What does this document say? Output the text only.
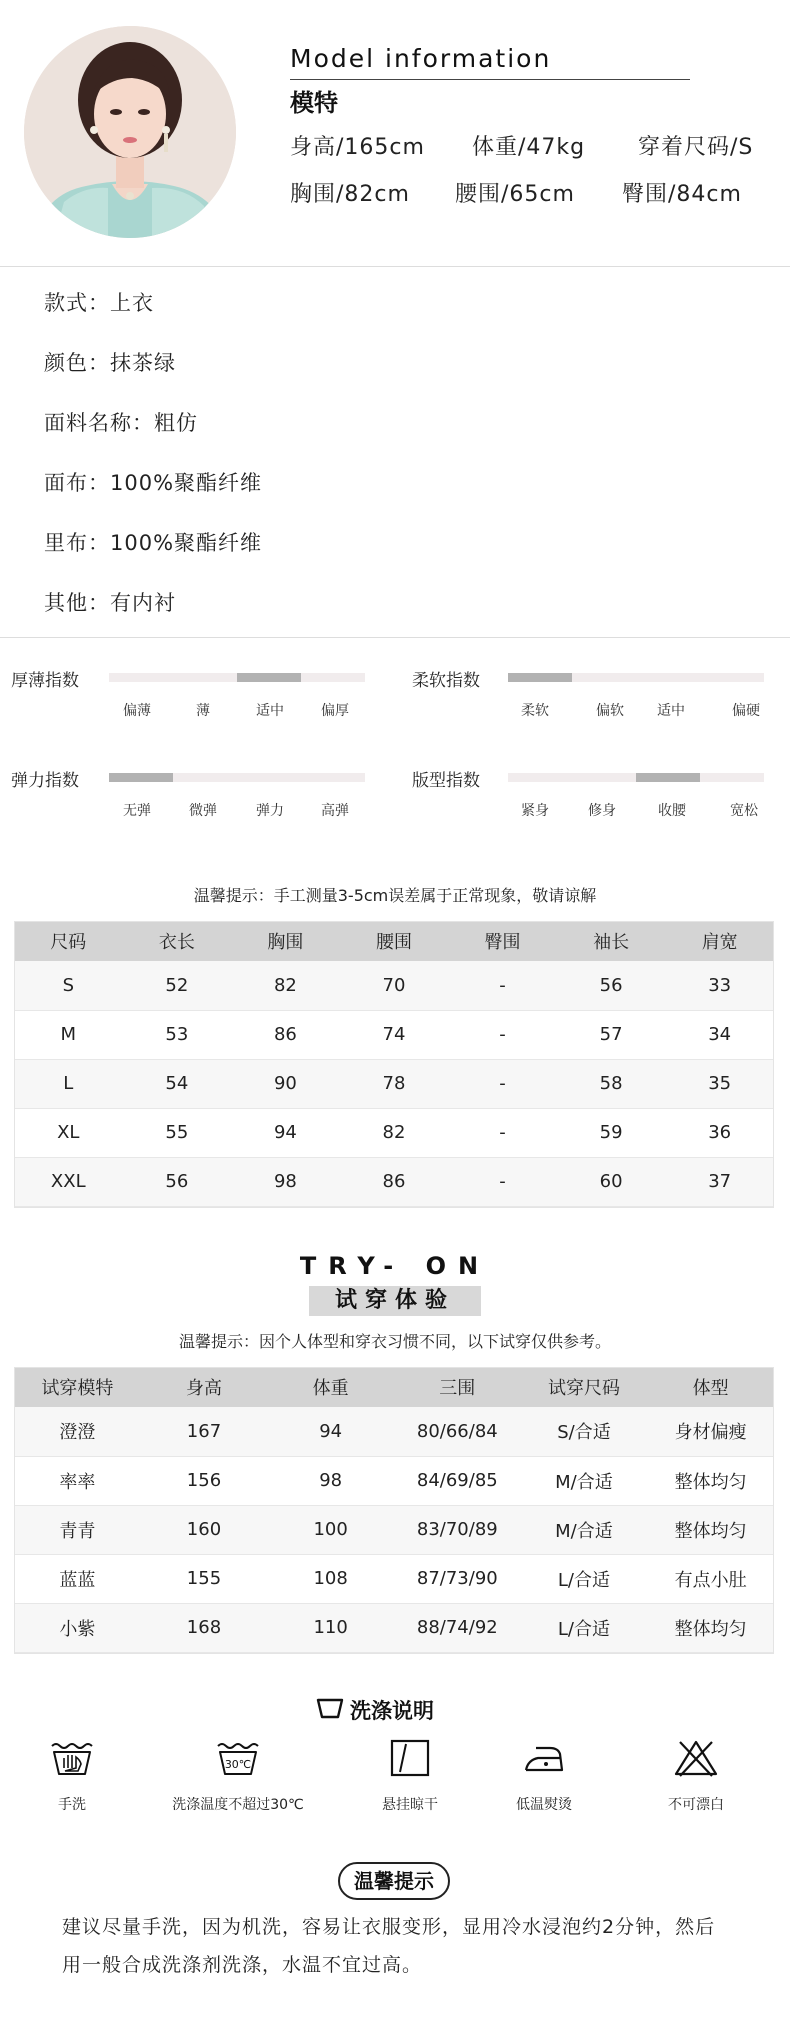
Model information
模特
身高/165cm 体重/47kg 穿着尺码/S
胸围/82cm 腰围/65cm 臀围/84cm
款式：上衣
颜色：抹茶绿
面料名称：粗仿
面布：100%聚酯纤维
里布：100%聚酯纤维
其他：有内衬
厚薄指数
偏薄	薄	适中	偏厚
柔软指数
柔软	偏软	适中	偏硬
弹力指数
无弹	微弹	弹力	高弹
版型指数
紧身	修身	收腰	宽松
温馨提示：手工测量3-5cm误差属于正常现象，敬请谅解
尺码	衣长	胸围	腰围	臀围	袖长	肩宽
S	52	82	70	-	56	33
M	53	86	74	-	57	34
L	54	90	78	-	58	35
XL	55	94	82	-	59	36
XXL	56	98	86	-	60	37
TRY- ON
试穿体验
温馨提示：因个人体型和穿衣习惯不同，以下试穿仅供参考。
试穿模特	身高	体重	三围	试穿尺码	体型
澄澄	167	94	80/66/84	S/合适	身材偏瘦
率率	156	98	84/69/85	M/合适	整体均匀
青青	160	100	83/70/89	M/合适	整体均匀
蓝蓝	155	108	87/73/90	L/合适	有点小肚
小紫	168	110	88/74/92	L/合适	整体均匀
洗涤说明
手洗
30℃
洗涤温度不超过30℃	悬挂晾干	低温熨烫	不可漂白
温馨提示
建议尽量手洗，因为机洗，容易让衣服变形，显用冷水浸泡约2分钟，然后
用一般合成洗涤剂洗涤，水温不宜过高。
